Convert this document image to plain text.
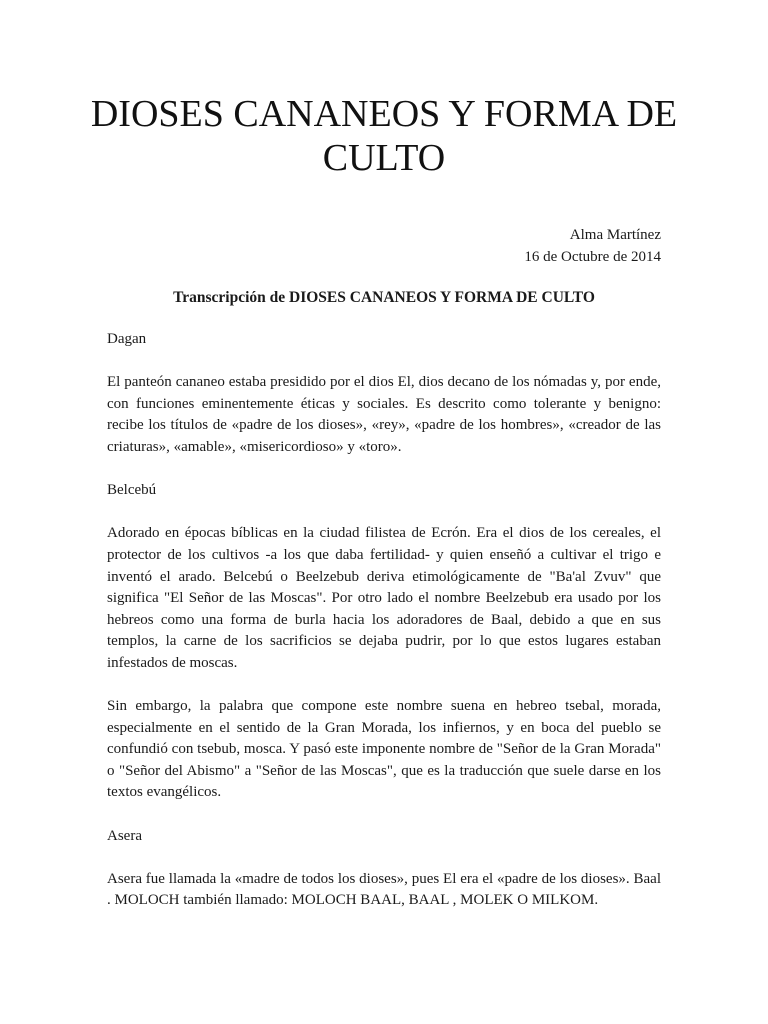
DIOSES CANANEOS Y FORMA DE CULTO
Alma Martínez
16 de Octubre de 2014
Transcripción de DIOSES CANANEOS Y FORMA DE CULTO

Dagan

El panteón cananeo estaba presidido por el dios El, dios decano de los nómadas y, por ende, con funciones eminentemente éticas y sociales. Es descrito como tolerante y benigno: recibe los títulos de «padre de los dioses», «rey», «padre de los hombres», «creador de las criaturas», «amable», «misericordioso» y «toro».

Belcebú

Adorado en épocas bíblicas en la ciudad filistea de Ecrón. Era el dios de los cereales, el protector de los cultivos -a los que daba fertilidad- y quien enseñó a cultivar el trigo e inventó el arado. Belcebú o Beelzebub deriva etimológicamente de "Ba'al Zvuv" que significa "El Señor de las Moscas". Por otro lado el nombre Beelzebub era usado por los hebreos como una forma de burla hacia los adoradores de Baal, debido a que en sus templos, la carne de los sacrificios se dejaba pudrir, por lo que estos lugares estaban infestados de moscas.

Sin embargo, la palabra que compone este nombre suena en hebreo tsebal, morada, especialmente en el sentido de la Gran Morada, los infiernos, y en boca del pueblo se confundió con tsebub, mosca. Y pasó este imponente nombre de "Señor de la Gran Morada" o "Señor del Abismo" a "Señor de las Moscas", que es la traducción que suele darse en los textos evangélicos.

Asera

Asera fue llamada la «madre de todos los dioses», pues El era el «padre de los dioses». Baal . MOLOCH también llamado: MOLOCH BAAL, BAAL , MOLEK O MILKOM.
